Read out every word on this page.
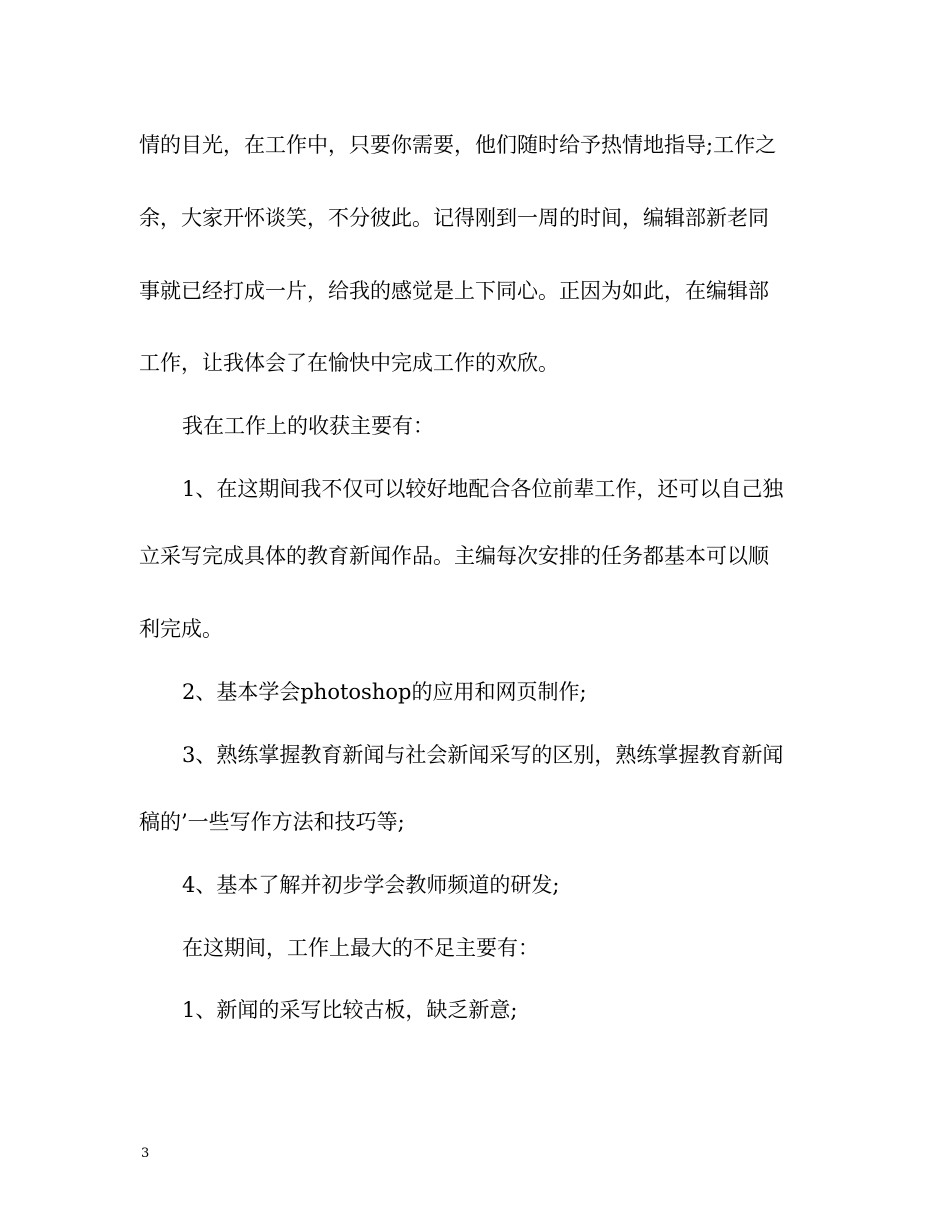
情的目光，在工作中，只要你需要，他们随时给予热情地指导;工作之
余，大家开怀谈笑，不分彼此。记得刚到一周的时间，编辑部新老同
事就已经打成一片，给我的感觉是上下同心。正因为如此，在编辑部
工作，让我体会了在愉快中完成工作的欢欣。
我在工作上的收获主要有：
1、在这期间我不仅可以较好地配合各位前辈工作，还可以自己独
立采写完成具体的教育新闻作品。主编每次安排的任务都基本可以顺
利完成。
2、基本学会photoshop的应用和网页制作;
3、熟练掌握教育新闻与社会新闻采写的区别，熟练掌握教育新闻
稿的’一些写作方法和技巧等;
4、基本了解并初步学会教师频道的研发;
在这期间，工作上最大的不足主要有：
1、新闻的采写比较古板，缺乏新意;
3
